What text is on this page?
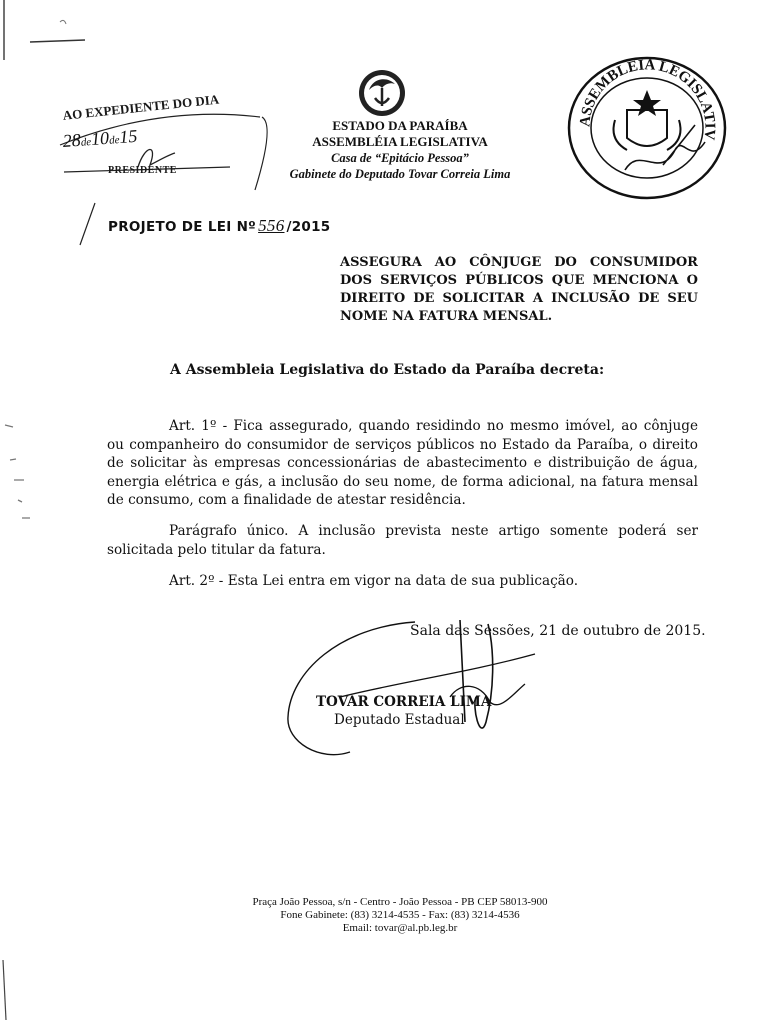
ESTADO DA PARAÍBA
ASSEMBLÉIA LEGISLATIVA
Casa de “Epitácio Pessoa”
Gabinete do Deputado Tovar Correia Lima
ASSEMBLEIA LEGISLATIVA
AO EXPEDIENTE DO DIA
28de10de15
PRESIDENTE
PROJETO DE LEI Nº 556 /2015
ASSEGURA AO CÔNJUGE DO CONSUMIDOR DOS SERVIÇOS PÚBLICOS QUE MENCIONA O DIREITO DE SOLICITAR A INCLUSÃO DE SEU NOME NA FATURA MENSAL.
A Assembleia Legislativa do Estado da Paraíba decreta:
Art. 1º - Fica assegurado, quando residindo no mesmo imóvel, ao cônjuge ou companheiro do consumidor de serviços públicos no Estado da Paraíba, o direito de solicitar às empresas concessionárias de abastecimento e distribuição de água, energia elétrica e gás, a inclusão do seu nome, de forma adicional, na fatura mensal de consumo, com a finalidade de atestar residência.
Parágrafo único. A inclusão prevista neste artigo somente poderá ser solicitada pelo titular da fatura.
Art. 2º - Esta Lei entra em vigor na data de sua publicação.
Sala das Sessões, 21 de outubro de 2015.
TOVAR CORREIA LIMA
Deputado Estadual
Praça João Pessoa, s/n - Centro - João Pessoa - PB CEP 58013-900
Fone Gabinete: (83) 3214-4535 - Fax: (83) 3214-4536
Email: tovar@al.pb.leg.br
